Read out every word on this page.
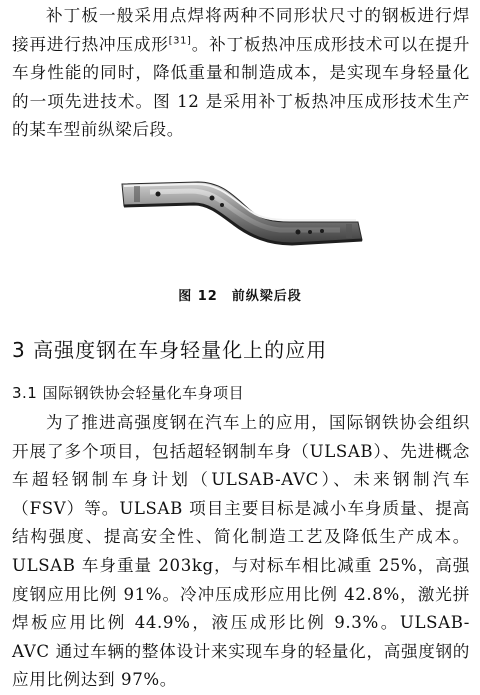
补丁板一般采用点焊将两种不同形状尺寸的钢板进行焊接再进行热冲压成形[31]。补丁板热冲压成形技术可以在提升车身性能的同时，降低重量和制造成本，是实现车身轻量化的一项先进技术。图 12 是采用补丁板热冲压成形技术生产的某车型前纵梁后段。

图 12　前纵梁后段
3 高强度钢在车身轻量化上的应用
3.1 国际钢铁协会轻量化车身项目

为了推进高强度钢在汽车上的应用，国际钢铁协会组织开展了多个项目，包括超轻钢制车身（ULSAB）、先进概念车超轻钢制车身计划（ULSAB-AVC）、未来钢制汽车（FSV）等。ULSAB 项目主要目标是减小车身质量、提高结构强度、提高安全性、简化制造工艺及降低生产成本。ULSAB 车身重量 203kg，与对标车相比减重 25%，高强度钢应用比例 91%。冷冲压成形应用比例 42.8%，激光拼焊板应用比例 44.9%，液压成形比例 9.3%。ULSAB-AVC 通过车辆的整体设计来实现车身的轻量化，高强度钢的应用比例达到 97%。
